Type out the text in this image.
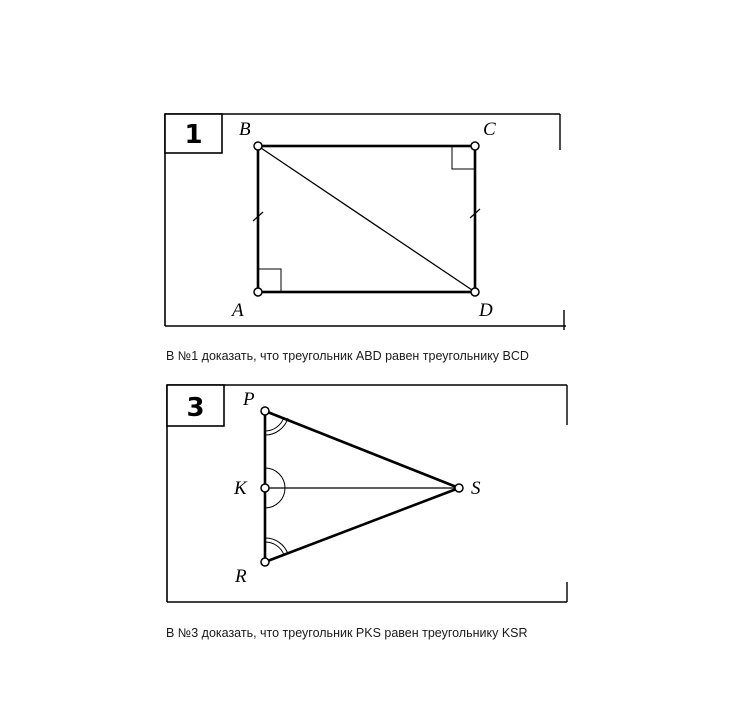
1 B	C
A	D
3 P
K
R
S
В №1 доказать, что треугольник ABD равен треугольнику BCD
В №3 доказать, что треугольник PKS равен треугольнику KSR
